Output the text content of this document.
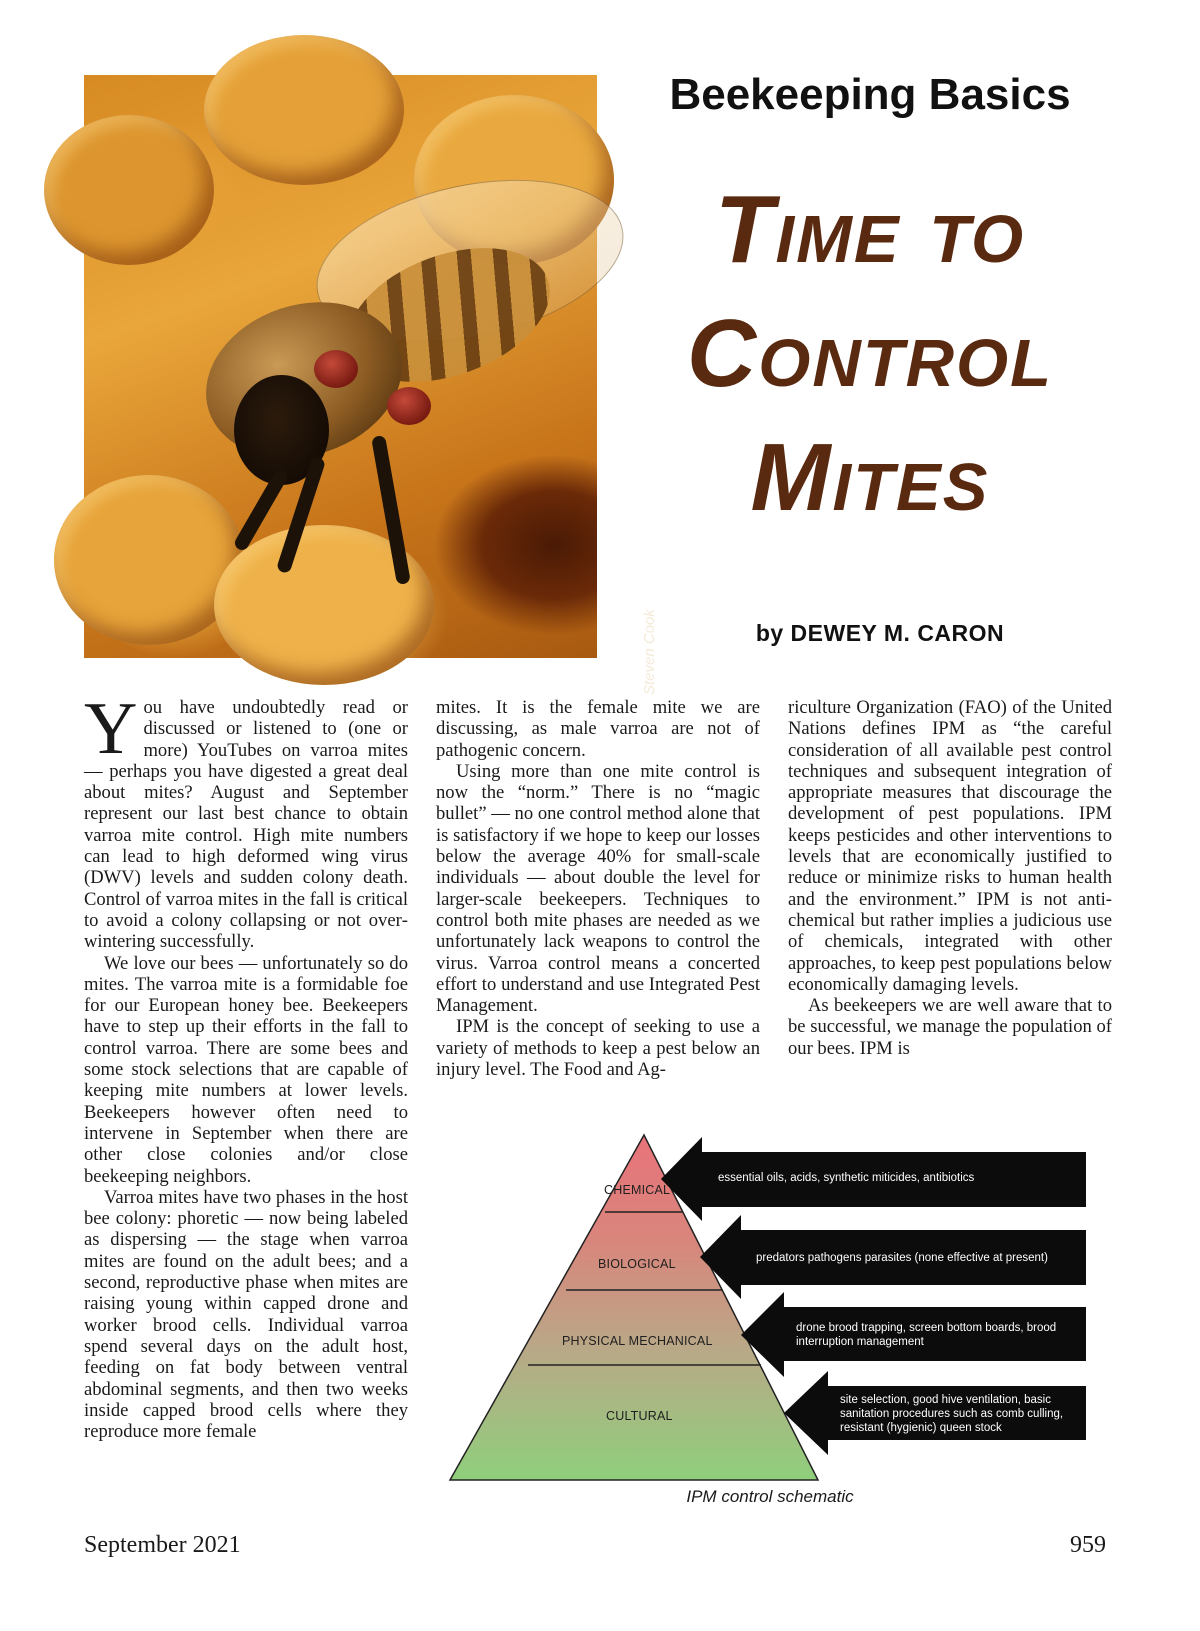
Steven Cook
Beekeeping Basics
Time to
Control
Mites
by DEWEY M. CARON

You have undoubtedly read or discussed or listened to (one or more) YouTubes on varroa mites — perhaps you have digested a great deal about mites? August and September represent our last best chance to obtain varroa mite control. High mite numbers can lead to high deformed wing virus (DWV) levels and sudden colony death. Control of varroa mites in the fall is critical to avoid a colony collapsing or not overwintering successfully.

We love our bees — unfortunately so do mites. The varroa mite is a formidable foe for our European honey bee. Beekeepers have to step up their efforts in the fall to control varroa. There are some bees and some stock selections that are capable of keeping mite numbers at lower levels. Beekeepers however often need to intervene in September when there are other close colonies and/or close beekeeping neighbors.

Varroa mites have two phases in the host bee colony: phoretic — now being labeled as dispersing — the stage when varroa mites are found on the adult bees; and a second, reproductive phase when mites are raising young within capped drone and worker brood cells. Individual varroa spend several days on the adult host, feeding on fat body between ventral abdominal segments, and then two weeks inside capped brood cells where they reproduce more female

mites. It is the female mite we are discussing, as male varroa are not of pathogenic concern.

Using more than one mite control is now the “norm.” There is no “magic bullet” — no one control method alone that is satisfactory if we hope to keep our losses below the average 40% for small-scale individuals — about double the level for larger-scale beekeepers. Techniques to control both mite phases are needed as we unfortunately lack weapons to control the virus. Varroa control means a concerted effort to understand and use Integrated Pest Management.

IPM is the concept of seeking to use a variety of methods to keep a pest below an injury level. The Food and Ag-

riculture Organization (FAO) of the United Nations defines IPM as “the careful consideration of all available pest control techniques and subsequent integration of appropriate measures that discourage the development of pest populations. IPM keeps pesticides and other interventions to levels that are economically justified to reduce or minimize risks to human health and the environment.” IPM is not anti-chemical but rather implies a judicious use of chemicals, integrated with other approaches, to keep pest populations below economically damaging levels.

As beekeepers we are well aware that to be successful, we manage the population of our bees. IPM is

CHEMICAL
BIOLOGICAL
PHYSICAL MECHANICAL
CULTURAL
essential oils, acids, synthetic miticides, antibiotics
predators pathogens parasites (none effective at present)
drone brood trapping, screen bottom boards, brood interruption management
site selection, good hive ventilation, basic sanitation procedures such as comb culling, resistant (hygienic) queen stock
IPM control schematic
September 2021	959
